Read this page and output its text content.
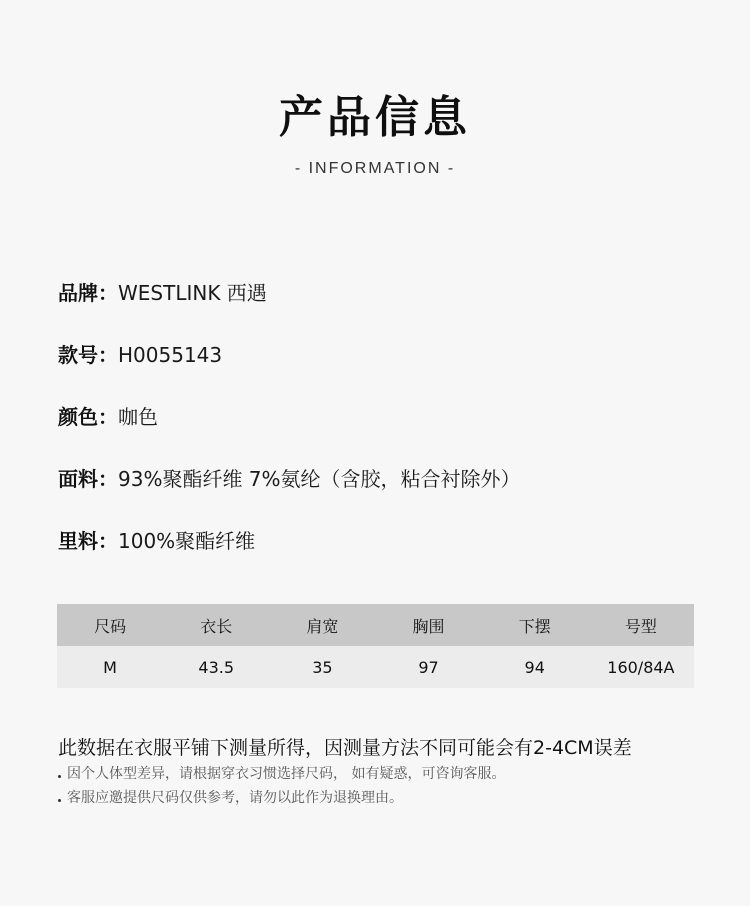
产品信息
- INFORMATION -
品牌：WESTLINK 西遇
款号：H0055143
颜色：咖色
面料：93%聚酯纤维 7%氨纶（含胶，粘合衬除外）
里料：100%聚酯纤维
尺码	衣长	肩宽	胸围	下摆	号型
M	43.5	35	97	94	160/84A
此数据在衣服平铺下测量所得，因测量方法不同可能会有2-4CM误差
因个人体型差异，请根据穿衣习惯选择尺码， 如有疑惑，可咨询客服。
客服应邀提供尺码仅供参考，请勿以此作为退换理由。
